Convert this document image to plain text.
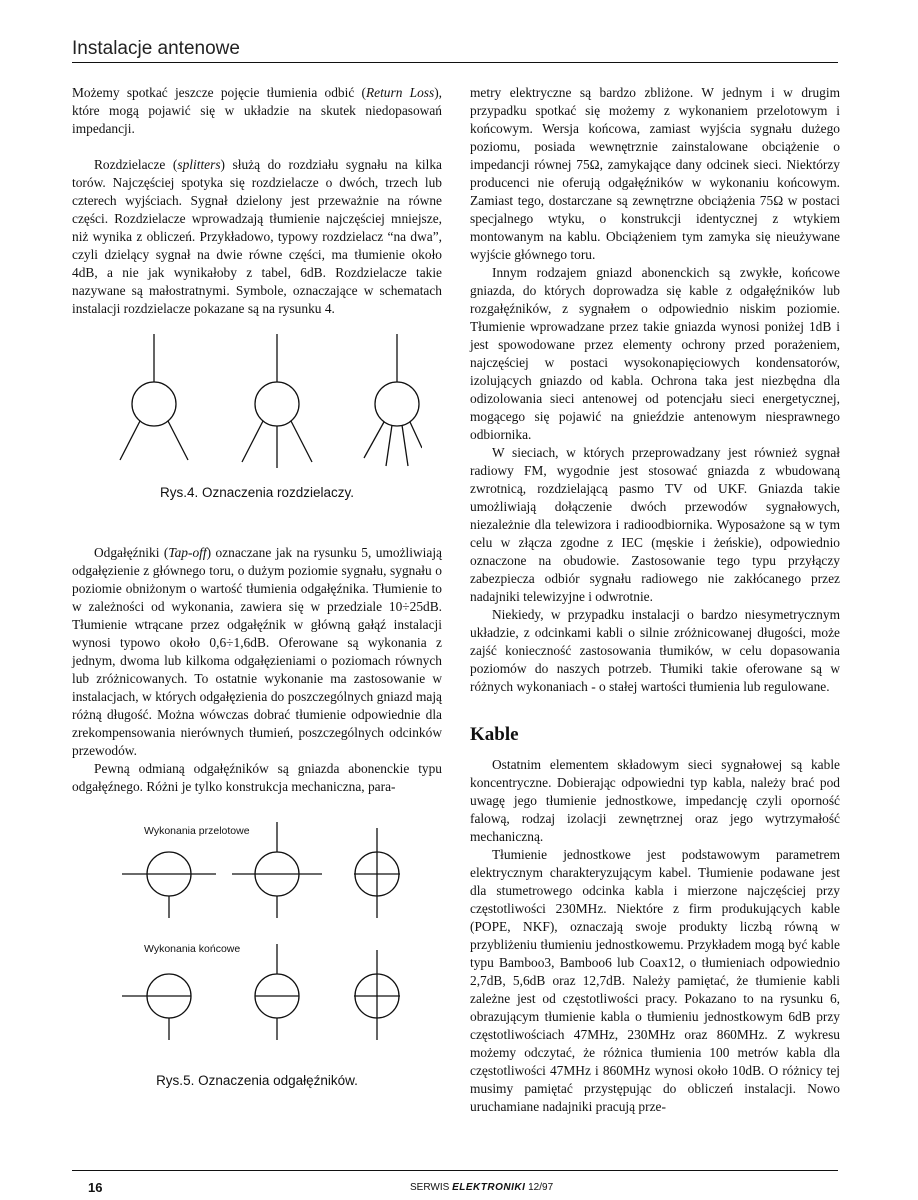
Instalacje antenowe

Możemy spotkać jeszcze pojęcie tłumienia odbić (Return Loss), które mogą pojawić się w układzie na skutek niedopasowań impedancji.

Rozdzielacze (splitters) służą do rozdziału sygnału na kilka torów. Najczęściej spotyka się rozdzielacze o dwóch, trzech lub czterech wyjściach. Sygnał dzielony jest przeważnie na równe części. Rozdzielacze wprowadzają tłumienie najczęściej mniejsze, niż wynika z obliczeń. Przykładowo, typowy rozdzielacz “na dwa”, czyli dzielący sygnał na dwie równe części, ma tłumienie około 4dB, a nie jak wynikałoby z tabel, 6dB. Rozdzielacze takie nazywane są małostratnymi. Symbole, oznaczające w schematach instalacji rozdzielacze pokazane są na rysunku 4.

Rys.4. Oznaczenia rozdzielaczy.

Odgałęźniki (Tap-off) oznaczane jak na rysunku 5, umożliwiają odgałęzienie z głównego toru, o dużym poziomie sygnału, sygnału o poziomie obniżonym o wartość tłumienia odgałęźnika. Tłumienie to w zależności od wykonania, zawiera się w przedziale 10÷25dB. Tłumienie wtrącane przez odgałęźnik w główną gałąź instalacji wynosi typowo około 0,6÷1,6dB. Oferowane są wykonania z jednym, dwoma lub kilkoma odgałęzieniami o poziomach równych lub zróżnicowanych. To ostatnie wykonanie ma zastosowanie w instalacjach, w których odgałęzienia do poszczególnych gniazd mają różną długość. Można wówczas dobrać tłumienie odpowiednie dla zrekompensowania nierównych tłumień, poszczególnych odcinków przewodów.

Pewną odmianą odgałęźników są gniazda abonenckie typu odgałęźnego. Różni je tylko konstrukcja mechaniczna, para-

Wykonania przelotowe
Wykonania końcowe
Rys.5. Oznaczenia odgałęźników.

metry elektryczne są bardzo zbliżone. W jednym i w drugim przypadku spotkać się możemy z wykonaniem przelotowym i końcowym. Wersja końcowa, zamiast wyjścia sygnału dużego poziomu, posiada wewnętrznie zainstalowane obciążenie o impedancji równej 75Ω, zamykające dany odcinek sieci. Niektórzy producenci nie oferują odgałęźników w wykonaniu końcowym. Zamiast tego, dostarczane są zewnętrzne obciążenia 75Ω w postaci specjalnego wtyku, o konstrukcji identycznej z wtykiem montowanym na kablu. Obciążeniem tym zamyka się nieużywane wyjście głównego toru.

Innym rodzajem gniazd abonenckich są zwykłe, końcowe gniazda, do których doprowadza się kable z odgałęźników lub rozgałęźników, z sygnałem o odpowiednio niskim poziomie. Tłumienie wprowadzane przez takie gniazda wynosi poniżej 1dB i jest spowodowane przez elementy ochrony przed porażeniem, najczęściej w postaci wysokonapięciowych kondensatorów, izolujących gniazdo od kabla. Ochrona taka jest niezbędna dla odizolowania sieci antenowej od potencjału sieci energetycznej, mogącego się pojawić na gnieździe antenowym niesprawnego odbiornika.

W sieciach, w których przeprowadzany jest również sygnał radiowy FM, wygodnie jest stosować gniazda z wbudowaną zwrotnicą, rozdzielającą pasmo TV od UKF. Gniazda takie umożliwiają dołączenie dwóch przewodów sygnałowych, niezależnie dla telewizora i radioodbiornika. Wyposażone są w tym celu w złącza zgodne z IEC (męskie i żeńskie), odpowiednio oznaczone na obudowie. Zastosowanie tego typu przyłączy zabezpiecza odbiór sygnału radiowego nie zakłócanego przez nadajniki telewizyjne i odwrotnie.

Niekiedy, w przypadku instalacji o bardzo niesymetrycznym układzie, z odcinkami kabli o silnie zróżnicowanej długości, może zajść konieczność zastosowania tłumików, w celu dopasowania poziomów do naszych potrzeb. Tłumiki takie oferowane są w różnych wykonaniach - o stałej wartości tłumienia lub regulowane.

Kable

Ostatnim elementem składowym sieci sygnałowej są kable koncentryczne. Dobierając odpowiedni typ kabla, należy brać pod uwagę jego tłumienie jednostkowe, impedancję czyli oporność falową, rodzaj izolacji zewnętrznej oraz jego wytrzymałość mechaniczną.

Tłumienie jednostkowe jest podstawowym parametrem elektrycznym charakteryzującym kabel. Tłumienie podawane jest dla stumetrowego odcinka kabla i mierzone najczęściej przy częstotliwości 230MHz. Niektóre z firm produkujących kable (POPE, NKF), oznaczają swoje produkty liczbą równą w przybliżeniu tłumieniu jednostkowemu. Przykładem mogą być kable typu Bamboo3, Bamboo6 lub Coax12, o tłumieniach odpowiednio 2,7dB, 5,6dB oraz 12,7dB. Należy pamiętać, że tłumienie kabli zależne jest od częstotliwości pracy. Pokazano to na rysunku 6, obrazującym tłumienie kabla o tłumieniu jednostkowym 6dB przy częstotliwościach 47MHz, 230MHz oraz 860MHz. Z wykresu możemy odczytać, że różnica tłumienia 100 metrów kabla dla częstotliwości 47MHz i 860MHz wynosi około 10dB. O różnicy tej musimy pamiętać przystępując do obliczeń instalacji. Nowo uruchamiane nadajniki pracują prze-

16	SERWIS ELEKTRONIKI 12/97
